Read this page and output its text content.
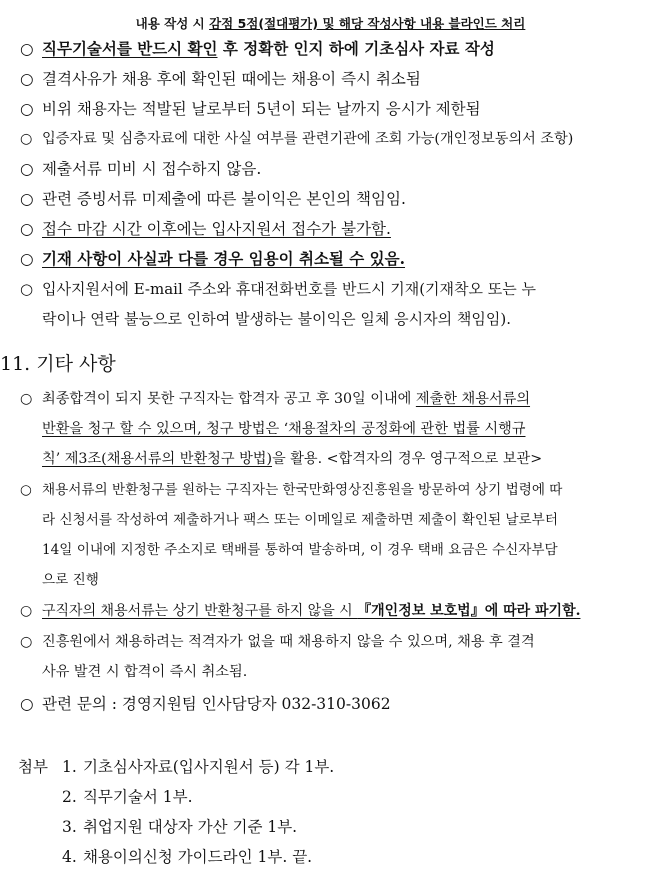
내용 작성 시 감점 5점(절대평가) 및 해당 작성사항 내용 블라인드 처리
○ 직무기술서를 반드시 확인 후 정확한 인지 하에 기초심사 자료 작성
○ 결격사유가 채용 후에 확인된 때에는 채용이 즉시 취소됨
○ 비위 채용자는 적발된 날로부터 5년이 되는 날까지 응시가 제한됨
○ 입증자료 및 심층자료에 대한 사실 여부를 관련기관에 조회 가능(개인정보동의서 조항)
○ 제출서류 미비 시 접수하지 않음.
○ 관련 증빙서류 미제출에 따른 불이익은 본인의 책임임.
○ 접수 마감 시간 이후에는 입사지원서 접수가 불가함.
○ 기재 사항이 사실과 다를 경우 임용이 취소될 수 있음.
○ 입사지원서에 E-mail 주소와 휴대전화번호를 반드시 기재(기재착오 또는 누
락이나 연락 불능으로 인하여 발생하는 불이익은 일체 응시자의 책임임).
11. 기타 사항
○ 최종합격이 되지 못한 구직자는 합격자 공고 후 30일 이내에 제출한 채용서류의
반환을 청구 할 수 있으며, 청구 방법은 ‘채용절차의 공정화에 관한 법률 시행규
칙’ 제3조(채용서류의 반환청구 방법)을 활용. <합격자의 경우 영구적으로 보관>
○ 채용서류의 반환청구를 원하는 구직자는 한국만화영상진흥원을 방문하여 상기 법령에 따
라 신청서를 작성하여 제출하거나 팩스 또는 이메일로 제출하면 제출이 확인된 날로부터
14일 이내에 지정한 주소지로 택배를 통하여 발송하며, 이 경우 택배 요금은 수신자부담
으로 진행
○ 구직자의 채용서류는 상기 반환청구를 하지 않을 시 『개인정보 보호법』에 따라 파기함.
○ 진흥원에서 채용하려는 적격자가 없을 때 채용하지 않을 수 있으며, 채용 후 결격
사유 발견 시 합격이 즉시 취소됨.
○ 관련 문의 : 경영지원팀 인사담당자 032-310-3062
첨부 1. 기초심사자료(입사지원서 등) 각 1부.
2. 직무기술서 1부.
3. 취업지원 대상자 가산 기준 1부.
4. 채용이의신청 가이드라인 1부. 끝.
